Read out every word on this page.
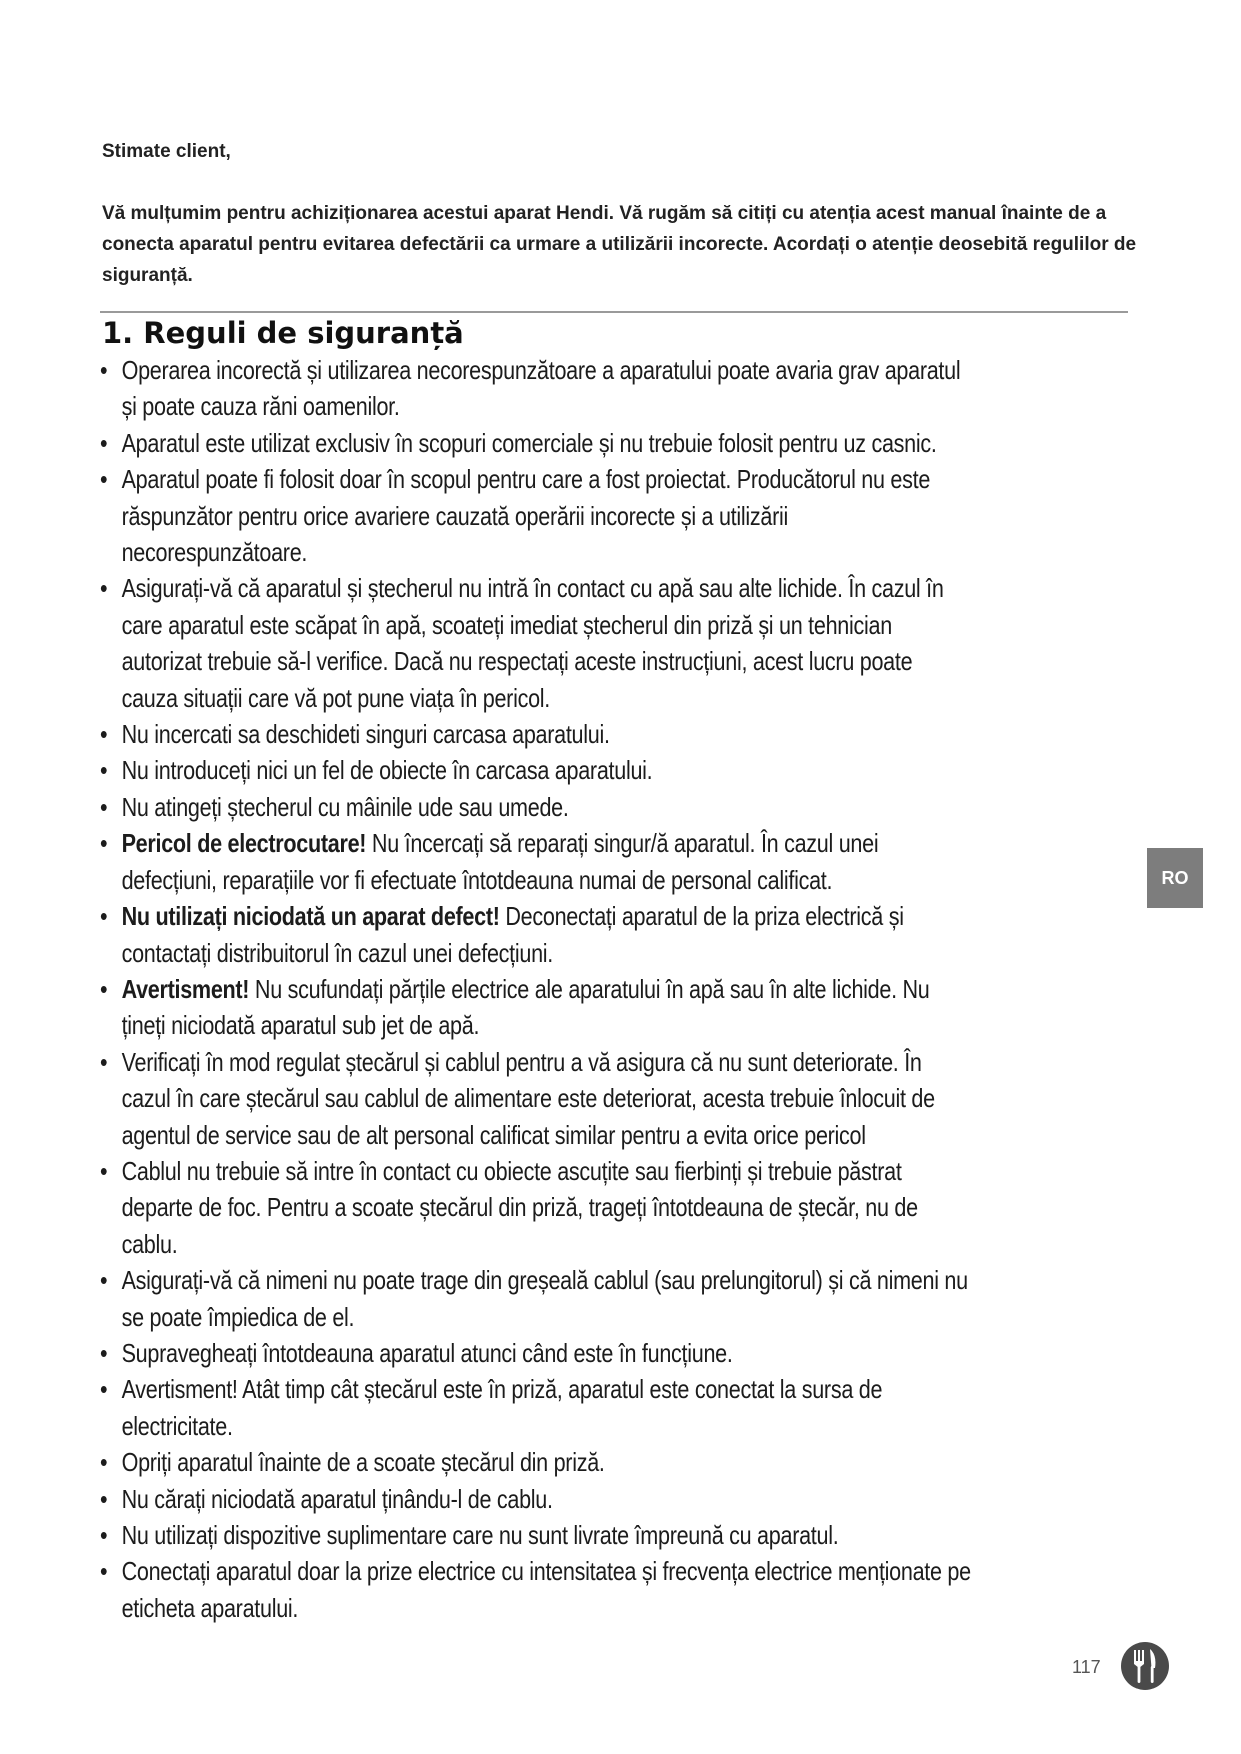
Stimate client,
Vă mulțumim pentru achiziționarea acestui aparat Hendi. Vă rugăm să citiți cu atenția acest manual înainte de a conecta aparatul pentru evitarea defectării ca urmare a utilizării incorecte. Acordați o atenție deosebită regulilor de siguranță.
1. Reguli de siguranță
• Operarea incorectă și utilizarea necorespunzătoare a aparatului poate avaria grav aparatul și poate cauza răni oamenilor.
• Aparatul este utilizat exclusiv în scopuri comerciale și nu trebuie folosit pentru uz casnic.
• Aparatul poate fi folosit doar în scopul pentru care a fost proiectat. Producătorul nu este răspunzător pentru orice avariere cauzată operării incorecte și a utilizării necorespunzătoare.
• Asigurați-vă că aparatul și ștecherul nu intră în contact cu apă sau alte lichide. În cazul în care aparatul este scăpat în apă, scoateți imediat ștecherul din priză și un tehnician autorizat trebuie să-l verifice. Dacă nu respectați aceste instrucțiuni, acest lucru poate cauza situații care vă pot pune viața în pericol.
• Nu incercati sa deschideti singuri carcasa aparatului.
• Nu introduceți nici un fel de obiecte în carcasa aparatului.
• Nu atingeți ștecherul cu mâinile ude sau umede.
• Pericol de electrocutare! Nu încercați să reparați singur/ă aparatul. În cazul unei defecțiuni, reparațiile vor fi efectuate întotdeauna numai de personal calificat.
• Nu utilizați niciodată un aparat defect! Deconectați aparatul de la priza electrică și contactați distribuitorul în cazul unei defecțiuni.
• Avertisment! Nu scufundați părțile electrice ale aparatului în apă sau în alte lichide. Nu țineți niciodată aparatul sub jet de apă.
• Verificați în mod regulat ștecărul și cablul pentru a vă asigura că nu sunt deteriorate. În cazul în care ștecărul sau cablul de alimentare este deteriorat, acesta trebuie înlocuit de agentul de service sau de alt personal calificat similar pentru a evita orice pericol
• Cablul nu trebuie să intre în contact cu obiecte ascuțite sau fierbinți și trebuie păstrat departe de foc. Pentru a scoate ștecărul din priză, trageți întotdeauna de ștecăr, nu de cablu.
• Asigurați-vă că nimeni nu poate trage din greșeală cablul (sau prelungitorul) și că nimeni nu se poate împiedica de el.
• Supravegheați întotdeauna aparatul atunci când este în funcțiune.
• Avertisment! Atât timp cât ștecărul este în priză, aparatul este conectat la sursa de electricitate.
• Opriți aparatul înainte de a scoate ștecărul din priză.
• Nu cărați niciodată aparatul ținându-l de cablu.
• Nu utilizați dispozitive suplimentare care nu sunt livrate împreună cu aparatul.
• Conectați aparatul doar la prize electrice cu intensitatea și frecvența electrice menționate pe eticheta aparatului.
RO
117
